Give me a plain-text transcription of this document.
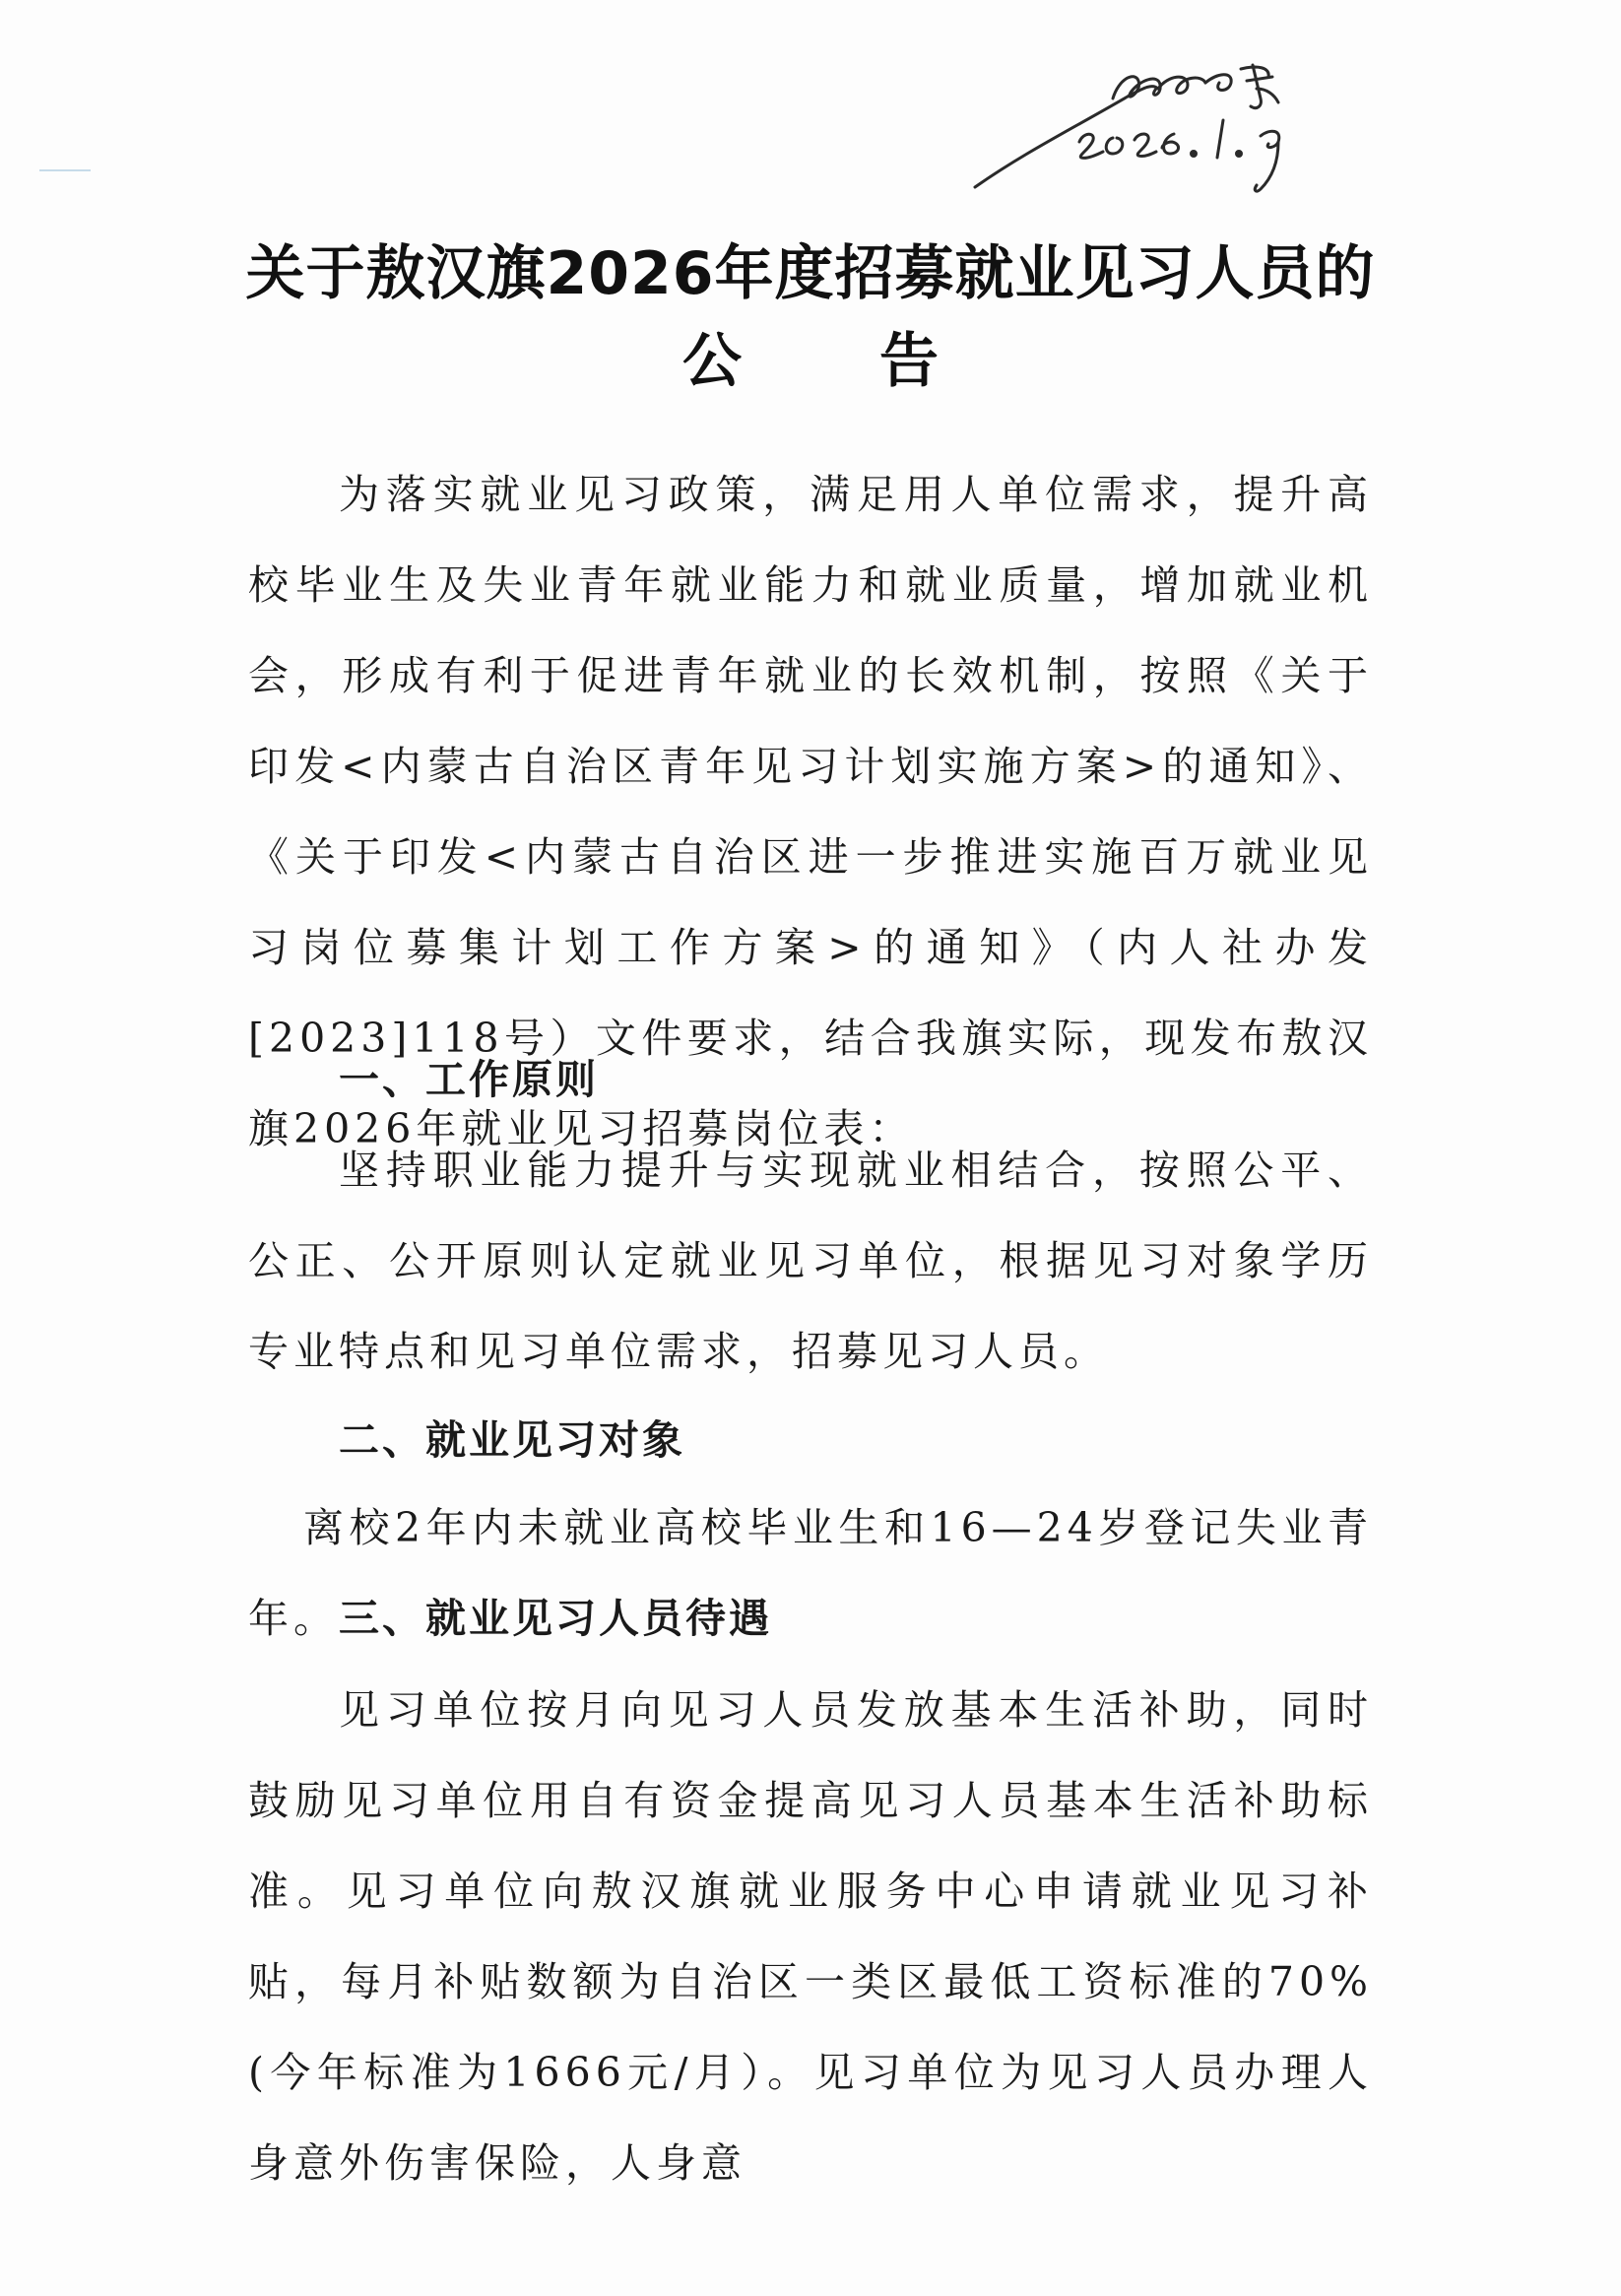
关于敖汉旗2026年度招募就业见习人员的
公告

为落实就业见习政策，满足用人单位需求，提升高校毕业生及失业青年就业能力和就业质量，增加就业机会，形成有利于促进青年就业的长效机制，按照《关于印发<内蒙古自治区青年见习计划实施方案>的通知》、《关于印发<内蒙古自治区进一步推进实施百万就业见习岗位募集计划工作方案>的通知》（内人社办发[2023]118号）文件要求，结合我旗实际，现发布敖汉旗2026年就业见习招募岗位表：

一、工作原则

坚持职业能力提升与实现就业相结合，按照公平、公正、公开原则认定就业见习单位，根据见习对象学历专业特点和见习单位需求，招募见习人员。

二、就业见习对象

离校2年内未就业高校毕业生和16—24岁登记失业青年。 三、就业见习人员待遇

见习单位按月向见习人员发放基本生活补助，同时鼓励见习单位用自有资金提高见习人员基本生活补助标准。见习单位向敖汉旗就业服务中心申请就业见习补贴，每月补贴数额为自治区一类区最低工资标准的70%(今年标准为1666元/月）。见习单位为见习人员办理人身意外伤害保险，人身意
